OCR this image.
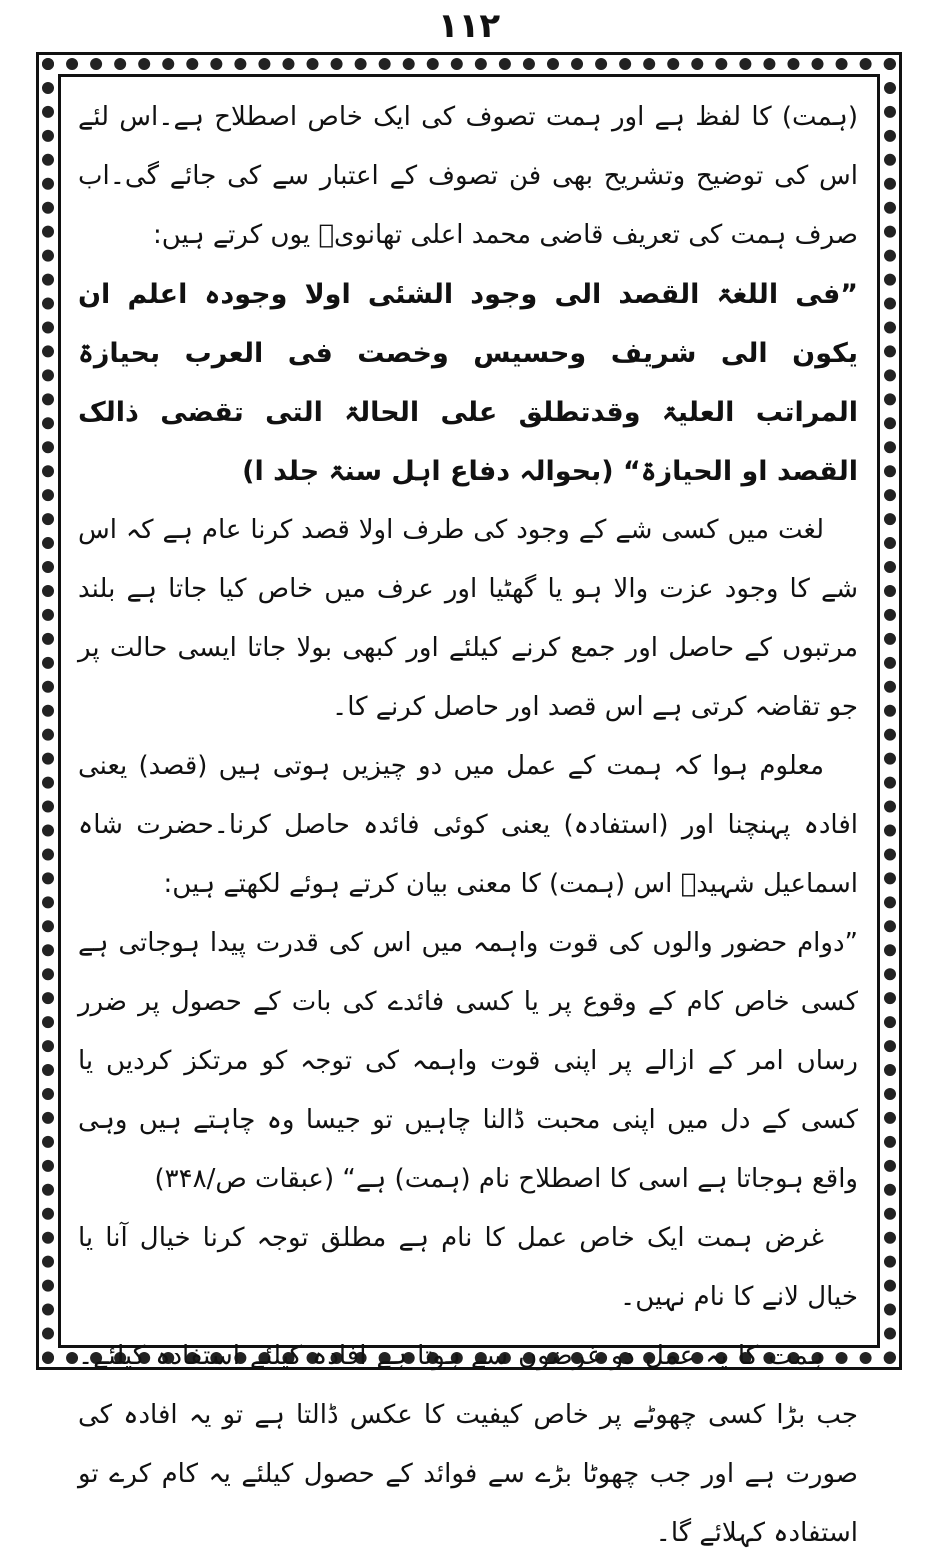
۱۱۲

(ہمت) کا لفظ ہے اور ہمت تصوف کی ایک خاص اصطلاح ہے۔اس لئے اس کی توضیح وتشریح بھی فن تصوف کے اعتبار سے کی جائے گی۔اب صرف ہمت کی تعریف قاضی محمد اعلی تھانویؒ یوں کرتے ہیں:

”فی اللغۃ القصد الی وجود الشئی اولا وجودہ اعلم ان یکون الی شریف وحسیس وخصت فی العرب بحیازۃ المراتب العلیۃ وقدتطلق علی الحالۃ التی تقضی ذالک القصد او الحیازۃ“ (بحوالہ دفاع اہل سنۃ جلد ا)

لغت میں کسی شے کے وجود کی طرف اولا قصد کرنا عام ہے کہ اس شے کا وجود عزت والا ہو یا گھٹیا اور عرف میں خاص کیا جاتا ہے بلند مرتبوں کے حاصل اور جمع کرنے کیلئے اور کبھی بولا جاتا ایسی حالت پر جو تقاضہ کرتی ہے اس قصد اور حاصل کرنے کا۔

معلوم ہوا کہ ہمت کے عمل میں دو چیزیں ہوتی ہیں (قصد) یعنی افادہ پہنچنا اور (استفادہ) یعنی کوئی فائدہ حاصل کرنا۔حضرت شاہ اسماعیل شہیدؒ اس (ہمت) کا معنی بیان کرتے ہوئے لکھتے ہیں:

”دوام حضور والوں کی قوت واہمہ میں اس کی قدرت پیدا ہوجاتی ہے کسی خاص کام کے وقوع پر یا کسی فائدے کی بات کے حصول پر ضرر رساں امر کے ازالے پر اپنی قوت واہمہ کی توجہ کو مرتکز کردیں یا کسی کے دل میں اپنی محبت ڈالنا چاہیں تو جیسا وہ چاہتے ہیں وہی واقع ہوجاتا ہے اسی کا اصطلاح نام (ہمت) ہے“ (عبقات ص/۳۴۸)

غرض ہمت ایک خاص عمل کا نام ہے مطلق توجہ کرنا خیال آنا یا خیال لانے کا نام نہیں۔

ہمت کا یہ عمل دو غرضوں سے ہوتا ہے افادہ کیلئے استفادہ کیلئے۔جب بڑا کسی چھوٹے پر خاص کیفیت کا عکس ڈالتا ہے تو یہ افادہ کی صورت ہے اور جب چھوٹا بڑے سے فوائد کے حصول کیلئے یہ کام کرے تو استفادہ کہلائے گا۔
